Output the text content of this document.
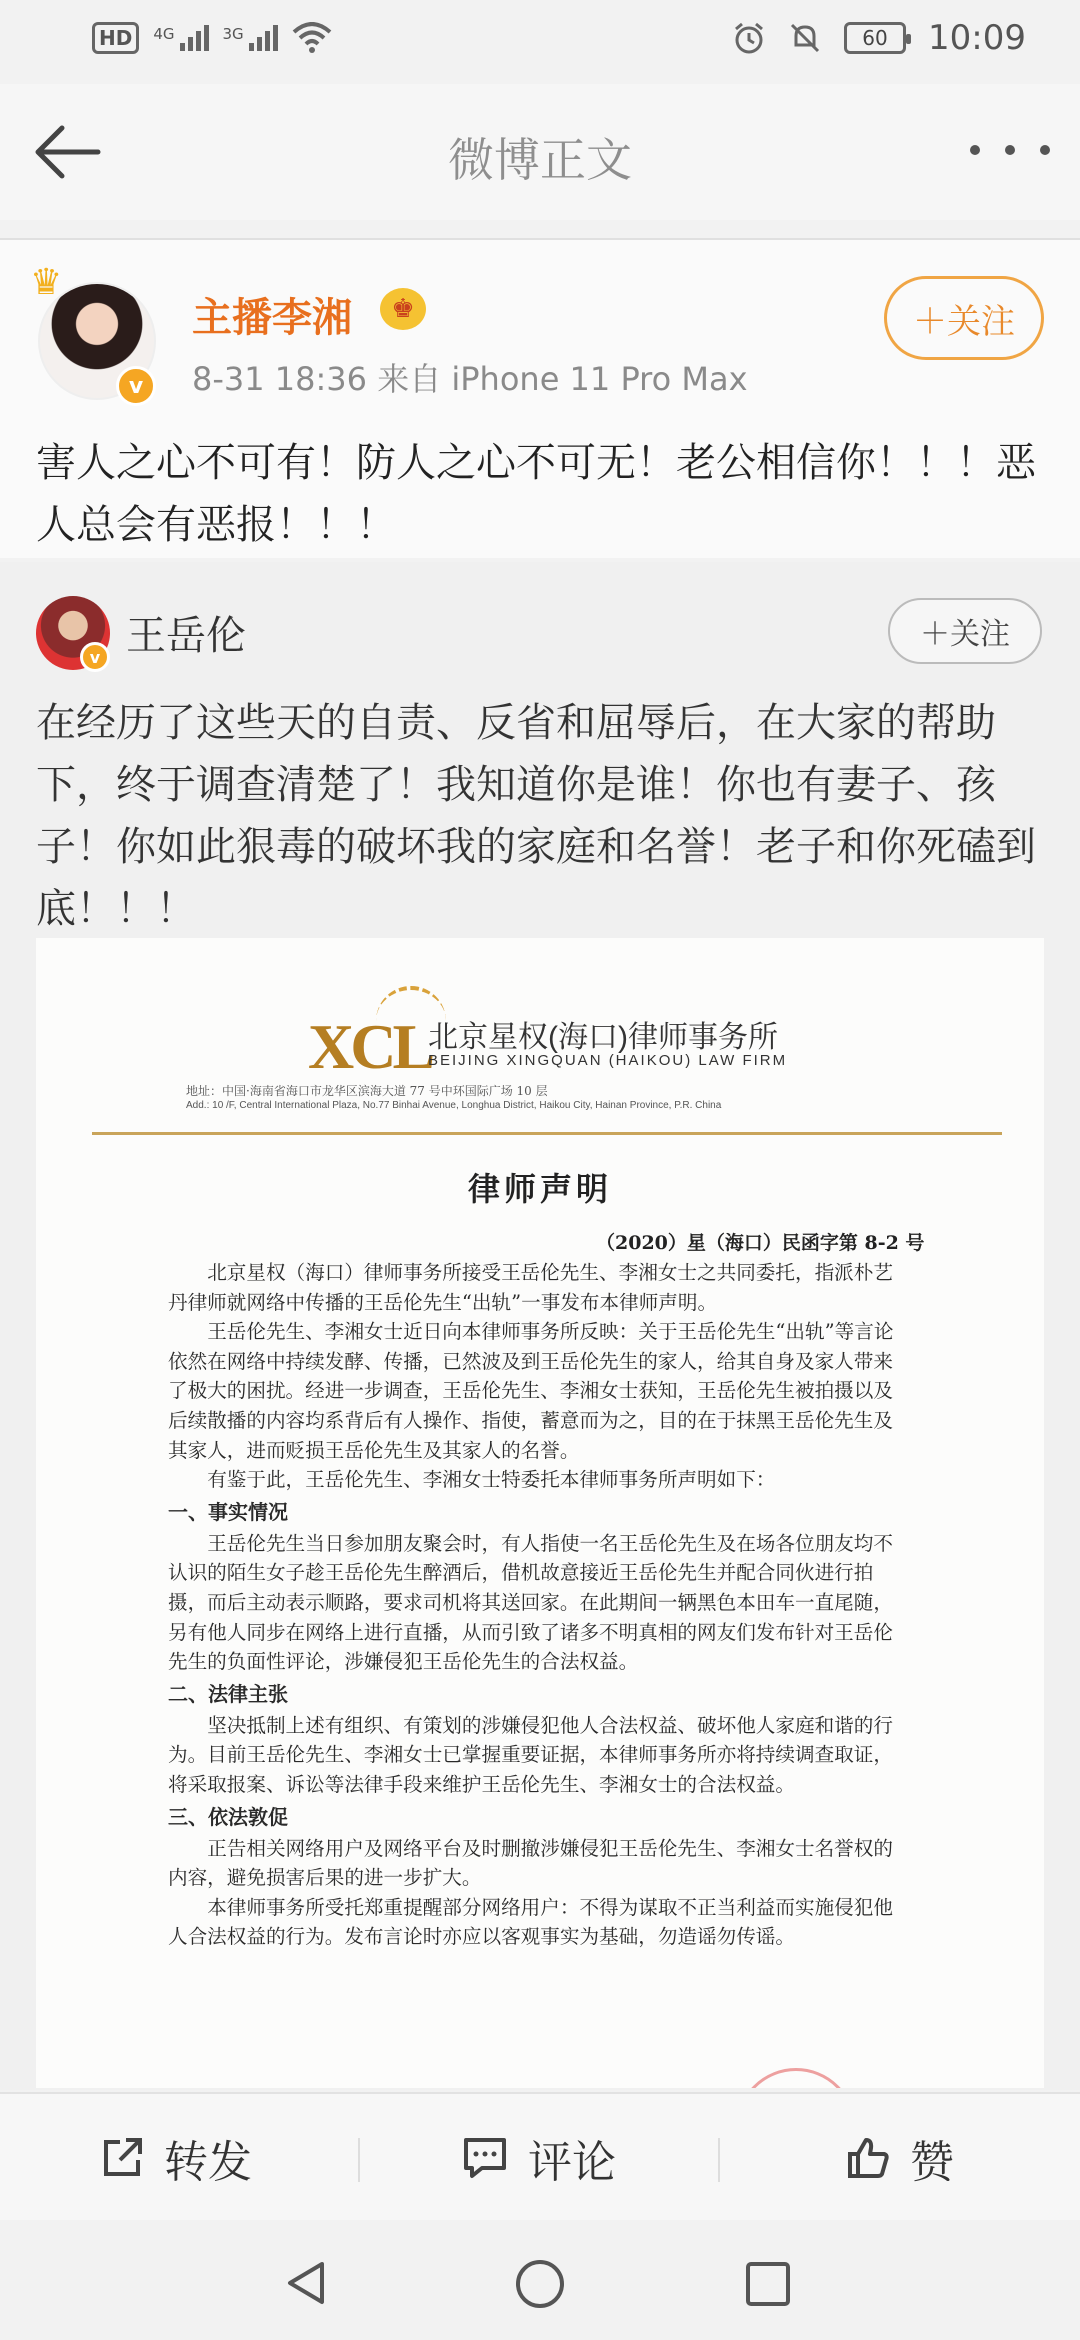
HD	4G	3G	60	10:09
微博正文
♛
v
主播李湘	♚
8-31 18:36 来自 iPhone 11 Pro Max
＋关注
害人之心不可有！防人之心不可无！老公相信你！！！恶人总会有恶报！！！
v 王岳伦	＋关注
在经历了这些天的自责、反省和屈辱后，在大家的帮助下，终于调查清楚了！我知道你是谁！你也有妻子、孩子！你如此狠毒的破坏我的家庭和名誉！老子和你死磕到底！！！
XCL
北京星权(海口)律师事务所
BEIJING XINGQUAN (HAIKOU) LAW FIRM
地址：中国·海南省海口市龙华区滨海大道 77 号中环国际广场 10 层
Add.: 10 /F, Central International Plaza, No.77 Binhai Avenue, Longhua District, Haikou City, Hainan Province, P.R. China
律师声明
（2020）星（海口）民函字第 8-2 号

北京星权（海口）律师事务所接受王岳伦先生、李湘女士之共同委托，指派朴艺丹律师就网络中传播的王岳伦先生“出轨”一事发布本律师声明。

王岳伦先生、李湘女士近日向本律师事务所反映：关于王岳伦先生“出轨”等言论依然在网络中持续发酵、传播，已然波及到王岳伦先生的家人，给其自身及家人带来了极大的困扰。经进一步调查，王岳伦先生、李湘女士获知，王岳伦先生被拍摄以及后续散播的内容均系背后有人操作、指使，蓄意而为之，目的在于抹黑王岳伦先生及其家人，进而贬损王岳伦先生及其家人的名誉。

有鉴于此，王岳伦先生、李湘女士特委托本律师事务所声明如下：

一、事实情况

王岳伦先生当日参加朋友聚会时，有人指使一名王岳伦先生及在场各位朋友均不认识的陌生女子趁王岳伦先生醉酒后，借机故意接近王岳伦先生并配合同伙进行拍摄，而后主动表示顺路，要求司机将其送回家。在此期间一辆黑色本田车一直尾随，另有他人同步在网络上进行直播，从而引致了诸多不明真相的网友们发布针对王岳伦先生的负面性评论，涉嫌侵犯王岳伦先生的合法权益。

二、法律主张

坚决抵制上述有组织、有策划的涉嫌侵犯他人合法权益、破坏他人家庭和谐的行为。目前王岳伦先生、李湘女士已掌握重要证据，本律师事务所亦将持续调查取证，将采取报案、诉讼等法律手段来维护王岳伦先生、李湘女士的合法权益。

三、依法敦促

正告相关网络用户及网络平台及时删撤涉嫌侵犯王岳伦先生、李湘女士名誉权的内容，避免损害后果的进一步扩大。

本律师事务所受托郑重提醒部分网络用户：不得为谋取不正当利益而实施侵犯他人合法权益的行为。发布言论时亦应以客观事实为基础，勿造谣勿传谣。

转发	评论	赞
